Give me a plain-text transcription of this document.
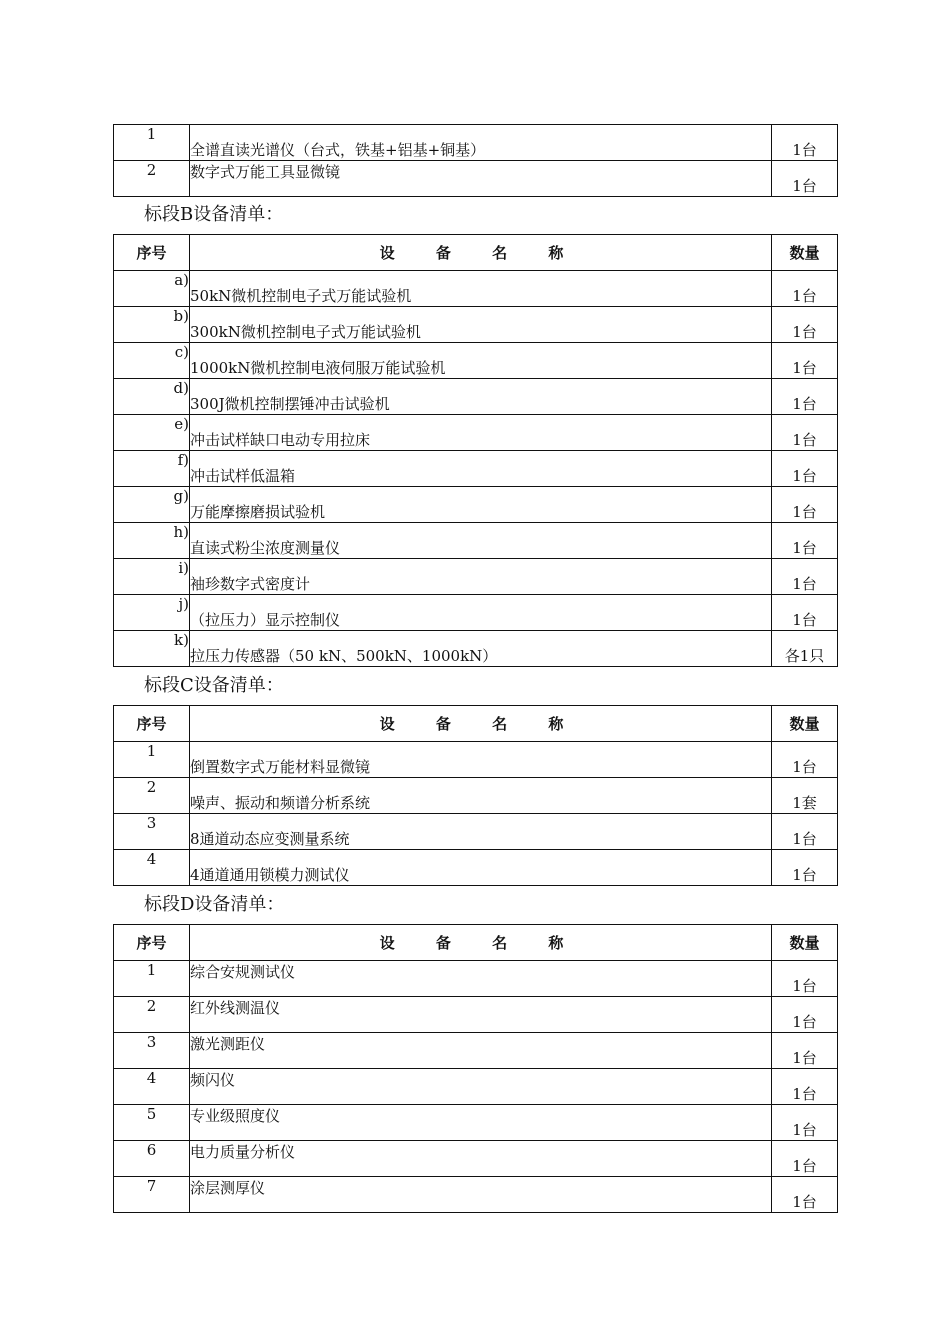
1	全谱直读光谱仪（台式，铁基+铝基+铜基）	1台
2	数字式万能工具显微镜	1台
标段B设备清单：
序号	设 备 名 称	数量
a)	50kN微机控制电子式万能试验机	1台
b)	300kN微机控制电子式万能试验机	1台
c)	1000kN微机控制电液伺服万能试验机	1台
d)	300J微机控制摆锤冲击试验机	1台
e)	冲击试样缺口电动专用拉床	1台
f)	冲击试样低温箱	1台
g)	万能摩擦磨损试验机	1台
h)	直读式粉尘浓度测量仪	1台
i)	袖珍数字式密度计	1台
j)	（拉压力）显示控制仪	1台
k)	拉压力传感器（50 kN、500kN、1000kN）	各1只
标段C设备清单：
序号	设 备 名 称	数量
1	倒置数字式万能材料显微镜	1台
2	噪声、振动和频谱分析系统	1套
3	8通道动态应变测量系统	1台
4	4通道通用锁模力测试仪	1台
标段D设备清单：
序号	设 备 名 称	数量
1	综合安规测试仪	1台
2	红外线测温仪	1台
3	激光测距仪	1台
4	频闪仪	1台
5	专业级照度仪	1台
6	电力质量分析仪	1台
7	涂层测厚仪	1台
